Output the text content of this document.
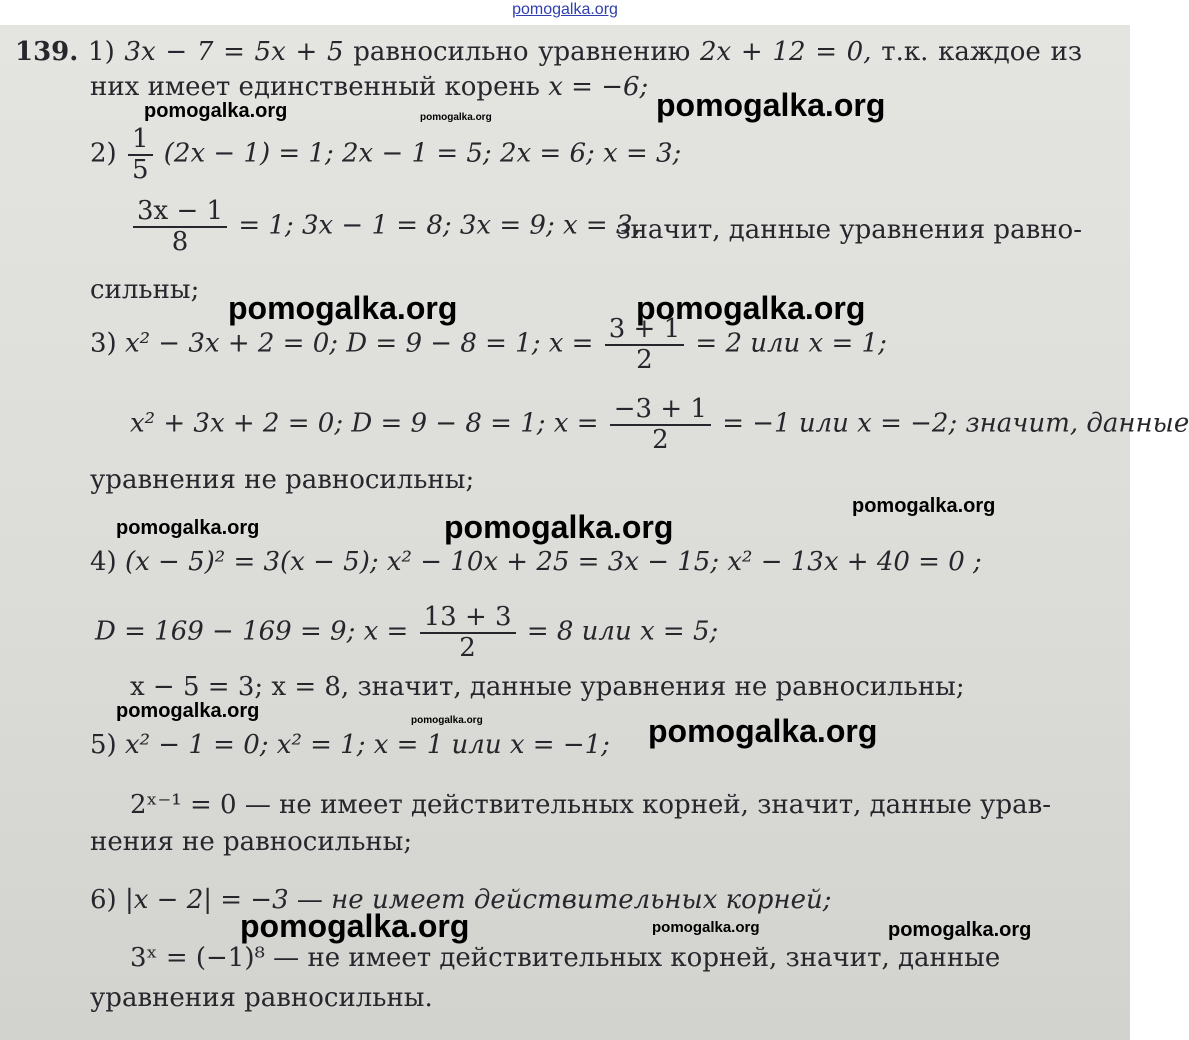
pomogalka.org
139. 1) 3x − 7 = 5x + 5 равносильно уравнению 2x + 12 = 0, т.к. каждое из
них имеет единственный корень x = −6;
$2) \frac{1}{5} (2x - 1) = 1$; 2x − 1 = 5; 2x = 6; x = 3;
$\frac{3x - 1}{8} = 1$; 3x − 1 = 8; 3x = 9; x = 3,
значит, данные уравнения равно-
сильны;
3) x² − 3x + 2 = 0; D = 9 − 8 = 1; $x = \frac{3 + 1}{2} = 2$ или x = 1;
x² + 3x + 2 = 0; D = 9 − 8 = 1; $x = \frac{-3 + 1}{2} = -1$ или x = −2; значит, данные
уравнения не равносильны;
4) (x − 5)² = 3(x − 5); x² − 10x + 25 = 3x − 15; x² − 13x + 40 = 0 ;
D = 169 − 169 = 9; $x = \frac{13 + 3}{2} = 8$ или x = 5;
x − 5 = 3; x = 8, значит, данные уравнения не равносильны;
5) x² − 1 = 0; x² = 1; x = 1 или x = −1;
2ˣ⁻¹ = 0 — не имеет действительных корней, значит, данные урав-
нения не равносильны;
6) |x − 2| = −3 — не имеет действительных корней;
3ˣ = (−1)⁸ — не имеет действительных корней, значит, данные
уравнения равносильны.
pomogalka.org	pomogalka.org	pomogalka.org
pomogalka.org	pomogalka.org
pomogalka.org	pomogalka.org
pomogalka.org
pomogalka.org	pomogalka.org	pomogalka.org
pomogalka.org	pomogalka.org	pomogalka.org
